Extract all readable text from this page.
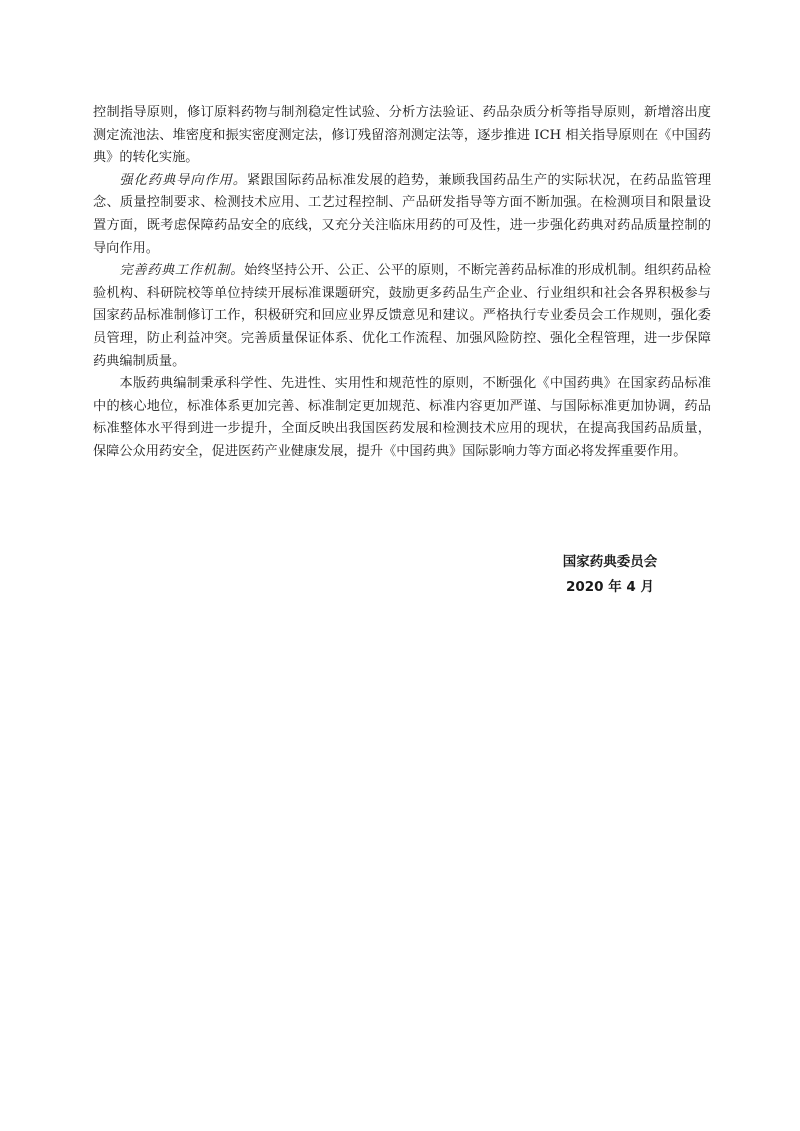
控制指导原则，修订原料药物与制剂稳定性试验、分析方法验证、药品杂质分析等指导原则，新增溶出度测定流池法、堆密度和振实密度测定法，修订残留溶剂测定法等，逐步推进 ICH 相关指导原则在《中国药典》的转化实施。

强化药典导向作用。紧跟国际药品标准发展的趋势，兼顾我国药品生产的实际状况，在药品监管理念、质量控制要求、检测技术应用、工艺过程控制、产品研发指导等方面不断加强。在检测项目和限量设置方面，既考虑保障药品安全的底线，又充分关注临床用药的可及性，进一步强化药典对药品质量控制的导向作用。

完善药典工作机制。始终坚持公开、公正、公平的原则，不断完善药品标准的形成机制。组织药品检验机构、科研院校等单位持续开展标准课题研究，鼓励更多药品生产企业、行业组织和社会各界积极参与国家药品标准制修订工作，积极研究和回应业界反馈意见和建议。严格执行专业委员会工作规则，强化委员管理，防止利益冲突。完善质量保证体系、优化工作流程、加强风险防控、强化全程管理，进一步保障药典编制质量。

本版药典编制秉承科学性、先进性、实用性和规范性的原则，不断强化《中国药典》在国家药品标准中的核心地位，标准体系更加完善、标准制定更加规范、标准内容更加严谨、与国际标准更加协调，药品标准整体水平得到进一步提升，全面反映出我国医药发展和检测技术应用的现状，在提高我国药品质量，保障公众用药安全，促进医药产业健康发展，提升《中国药典》国际影响力等方面必将发挥重要作用。

国家药典委员会
2020 年 4 月
